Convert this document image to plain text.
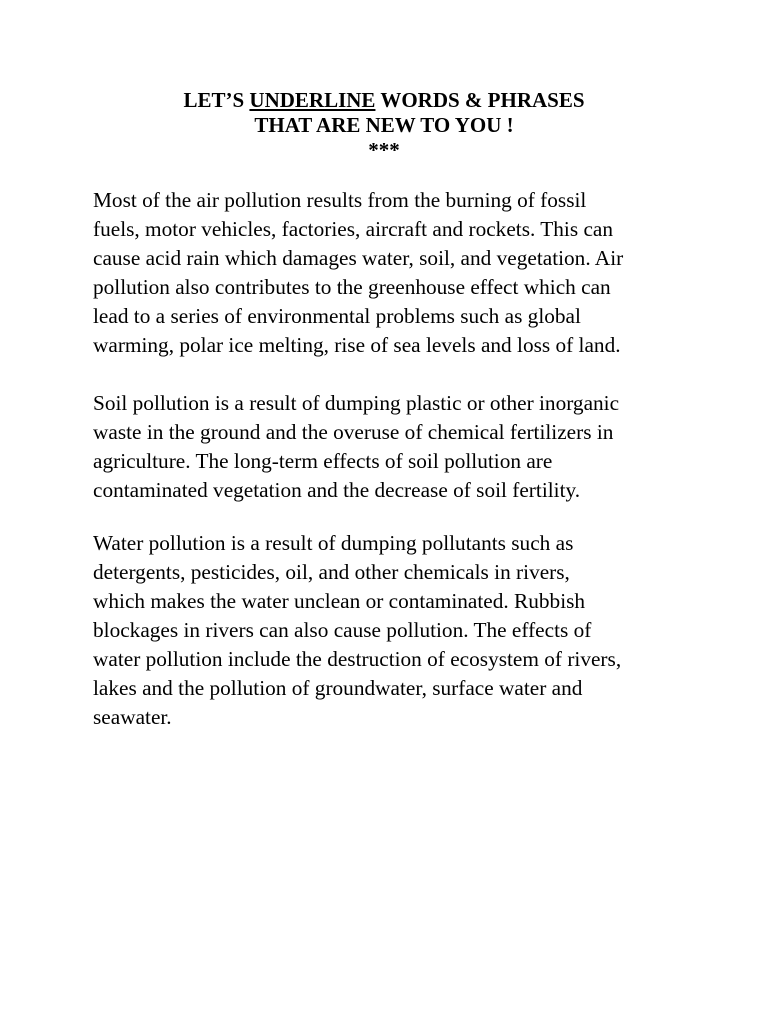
LET’S UNDERLINE WORDS & PHRASES
THAT ARE NEW TO YOU !
***
Most of the air pollution results from the burning of fossil
fuels, motor vehicles, factories, aircraft and rockets. This can
cause acid rain which damages water, soil, and vegetation. Air
pollution also contributes to the greenhouse effect which can
lead to a series of environmental problems such as global
warming, polar ice melting, rise of sea levels and loss of land.
Soil pollution is a result of dumping plastic or other inorganic
waste in the ground and the overuse of chemical fertilizers in
agriculture. The long-term effects of soil pollution are
contaminated vegetation and the decrease of soil fertility.
Water pollution is a result of dumping pollutants such as
detergents, pesticides, oil, and other chemicals in rivers,
which makes the water unclean or contaminated. Rubbish
blockages in rivers can also cause pollution. The effects of
water pollution include the destruction of ecosystem of rivers,
lakes and the pollution of groundwater, surface water and
seawater.
